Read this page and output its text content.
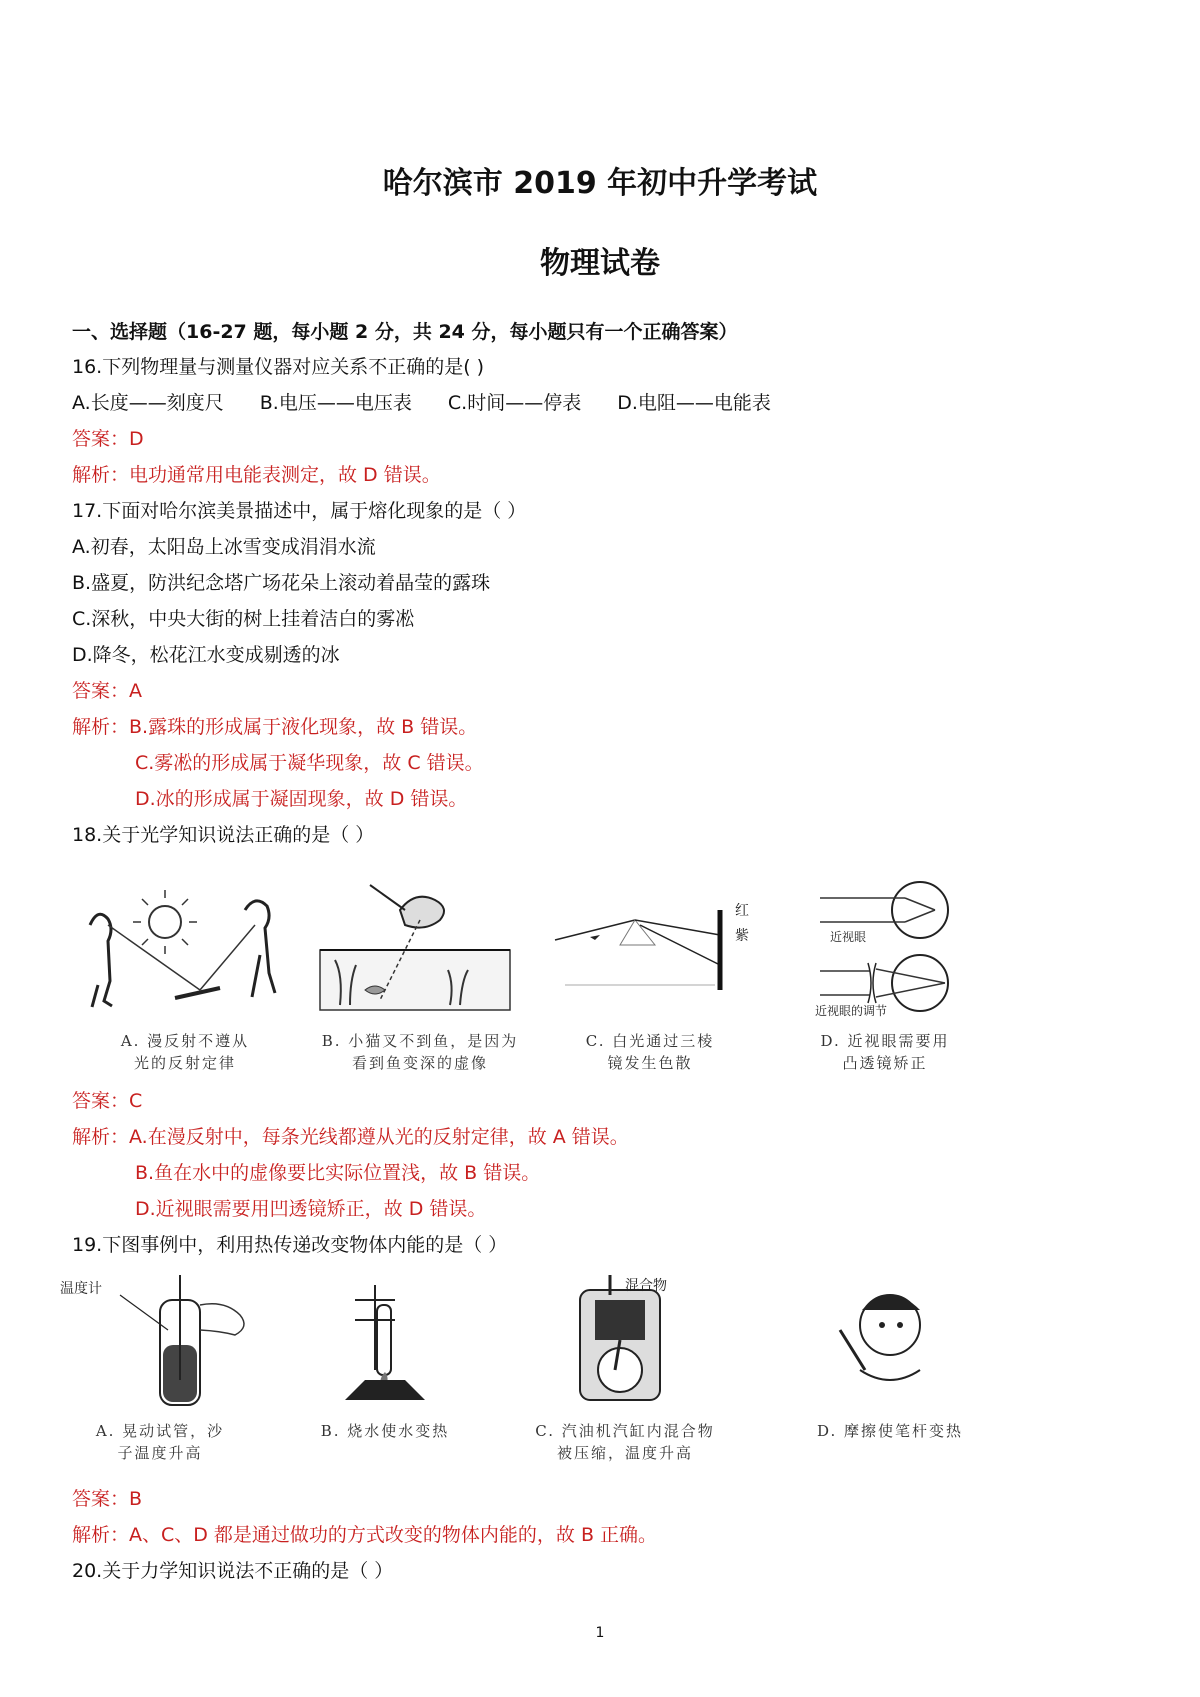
哈尔滨市 2019 年初中升学考试
物理试卷
一、选择题（16-27 题，每小题 2 分，共 24 分，每小题只有一个正确答案）
16.下列物理量与测量仪器对应关系不正确的是( )
A.长度——刻度尺 B.电压——电压表 C.时间——停表 D.电阻——电能表
答案：D
解析：电功通常用电能表测定，故 D 错误。
17.下面对哈尔滨美景描述中，属于熔化现象的是（ ）
A.初春，太阳岛上冰雪变成涓涓水流
B.盛夏，防洪纪念塔广场花朵上滚动着晶莹的露珠
C.深秋，中央大街的树上挂着洁白的雾凇
D.降冬，松花江水变成剔透的冰
答案：A
解析：B.露珠的形成属于液化现象，故 B 错误。
C.雾凇的形成属于凝华现象，故 C 错误。
D.冰的形成属于凝固现象，故 D 错误。
18.关于光学知识说法正确的是（ ）
A. 漫反射不遵从
光的反射定律
B. 小猫叉不到鱼，是因为
看到鱼变深的虚像
红
紫
C. 白光通过三棱
镜发生色散
近视眼
近视眼的调节
D. 近视眼需要用
凸透镜矫正
答案：C
解析：A.在漫反射中，每条光线都遵从光的反射定律，故 A 错误。
B.鱼在水中的虚像要比实际位置浅，故 B 错误。
D.近视眼需要用凹透镜矫正，故 D 错误。
19.下图事例中，利用热传递改变物体内能的是（ ）
温度计
A. 晃动试管，沙
子温度升高
B. 烧水使水变热
混合物
C. 汽油机汽缸内混合物
被压缩，温度升高
D. 摩擦使笔杆变热
答案：B
解析：A、C、D 都是通过做功的方式改变的物体内能的，故 B 正确。
20.关于力学知识说法不正确的是（ ）
1
